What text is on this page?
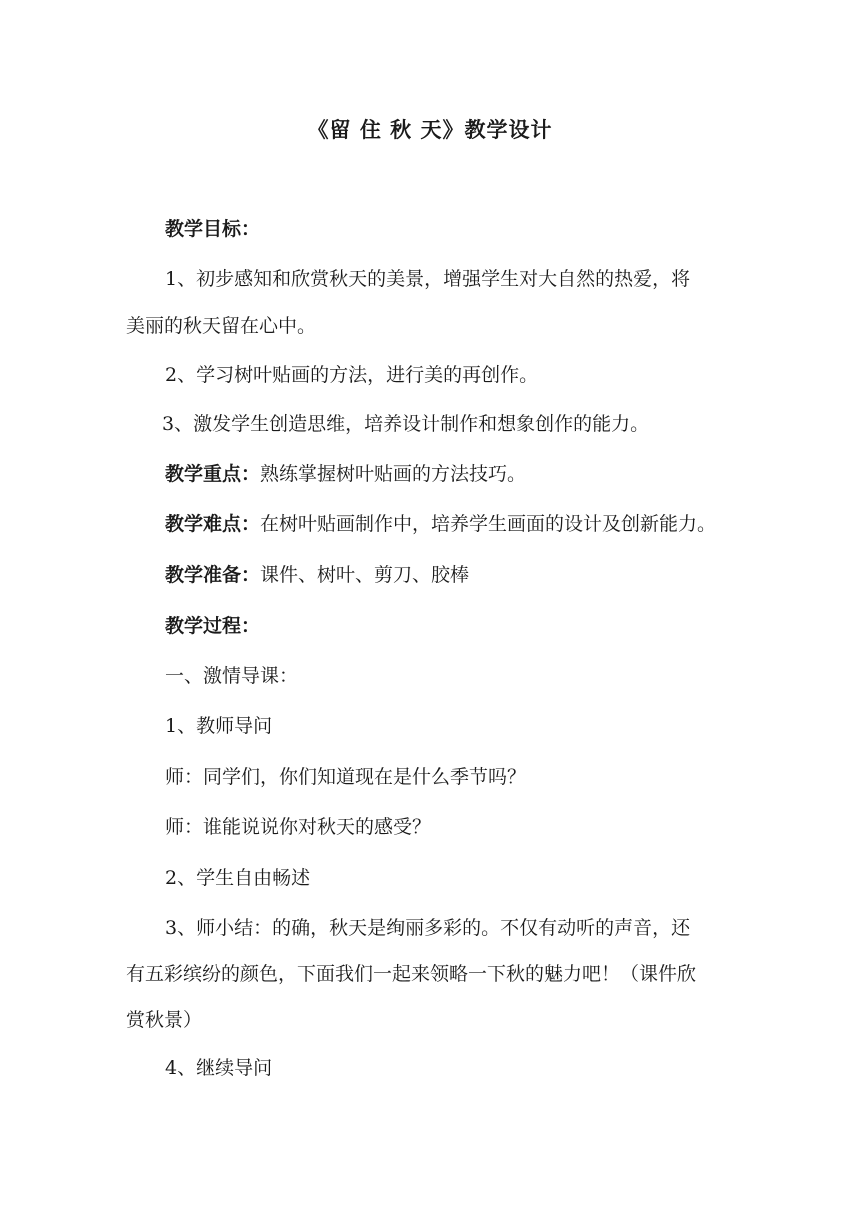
《留 住 秋 天》教学设计
教学目标：
1、初步感知和欣赏秋天的美景，增强学生对大自然的热爱，将
美丽的秋天留在心中。
2、学习树叶贴画的方法，进行美的再创作。
3、激发学生创造思维，培养设计制作和想象创作的能力。
教学重点：熟练掌握树叶贴画的方法技巧。
教学难点：在树叶贴画制作中，培养学生画面的设计及创新能力。
教学准备：课件、树叶、剪刀、胶棒
教学过程：
一、激情导课：
1、教师导问
师：同学们，你们知道现在是什么季节吗？
师：谁能说说你对秋天的感受？
2、学生自由畅述
3、师小结：的确，秋天是绚丽多彩的。不仅有动听的声音，还
有五彩缤纷的颜色，下面我们一起来领略一下秋的魅力吧！（课件欣
赏秋景）
4、继续导问
